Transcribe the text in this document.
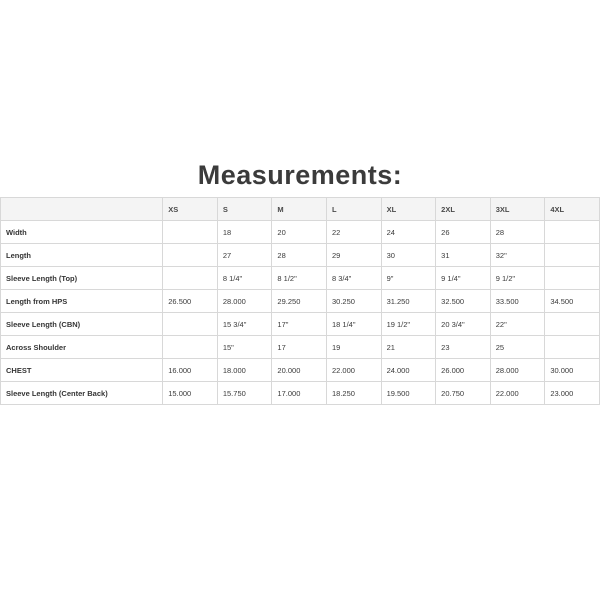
Measurements:
	XS	S	M	L	XL	2XL	3XL	4XL
Width		18	20	22	24	26	28	
Length		27	28	29	30	31	32"	
Sleeve Length (Top)		8 1/4"	8 1/2"	8 3/4"	9"	9 1/4"	9 1/2"	
Length from HPS	26.500	28.000	29.250	30.250	31.250	32.500	33.500	34.500
Sleeve Length (CBN)		15 3/4"	17"	18 1/4"	19 1/2"	20 3/4"	22"	
Across Shoulder		15"	17	19	21	23	25	
CHEST	16.000	18.000	20.000	22.000	24.000	26.000	28.000	30.000
Sleeve Length (Center Back)	15.000	15.750	17.000	18.250	19.500	20.750	22.000	23.000
